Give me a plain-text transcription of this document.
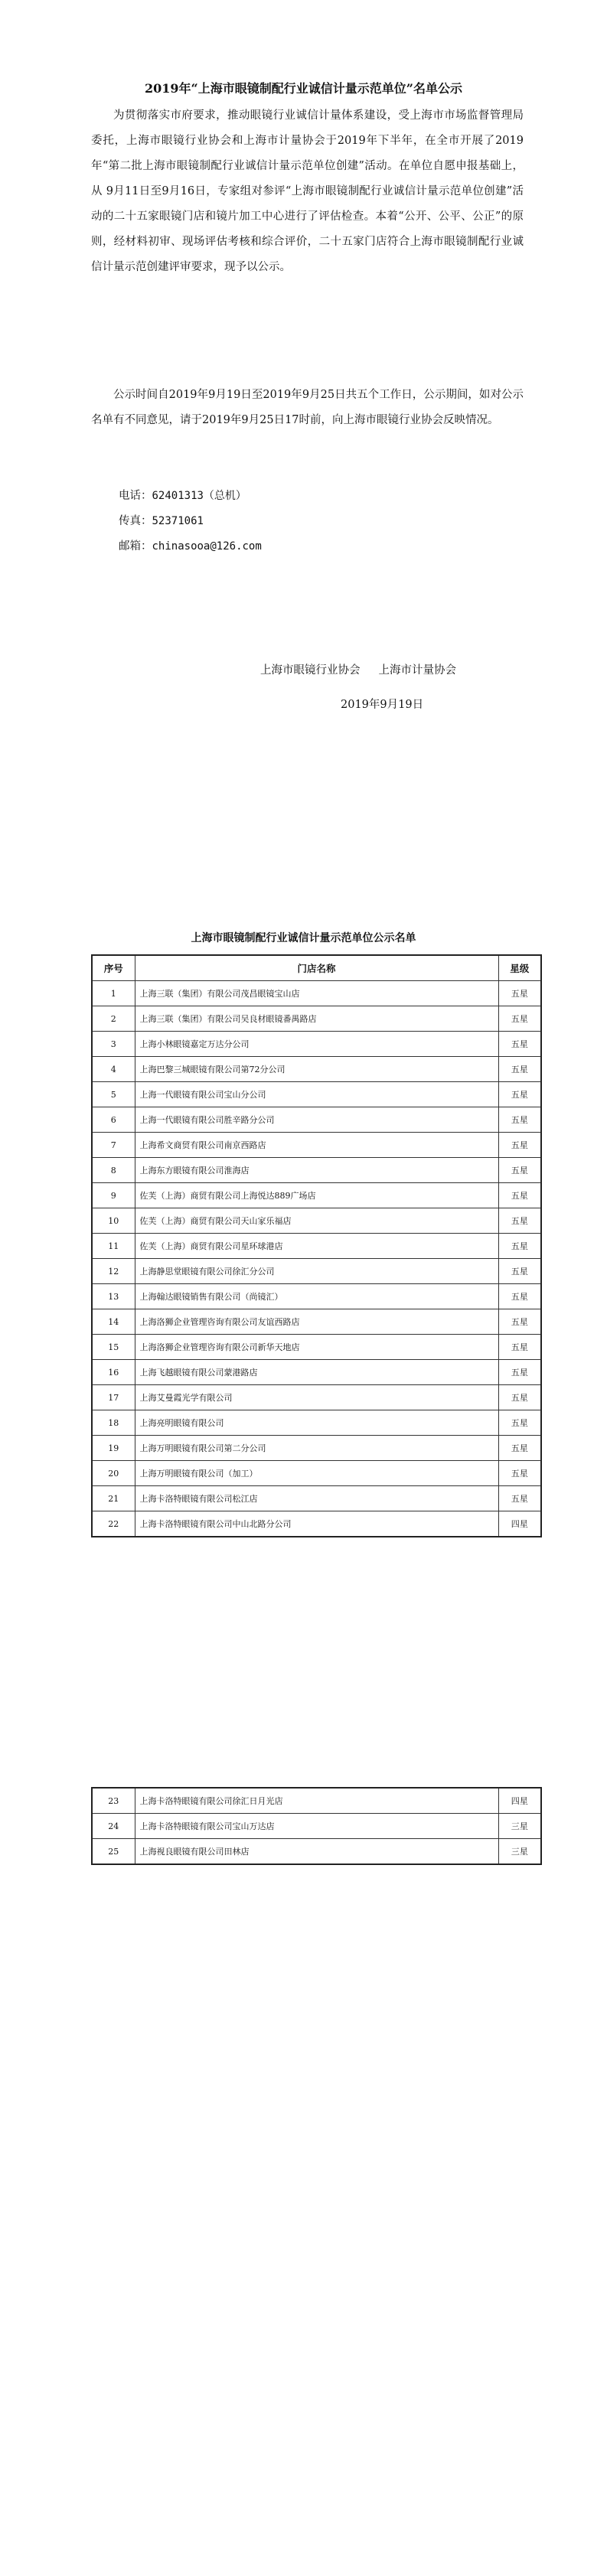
2019年“上海市眼镜制配行业诚信计量示范单位”名单公示

为贯彻落实市府要求，推动眼镜行业诚信计量体系建设，受上海市市场监督管理局委托，上海市眼镜行业协会和上海市计量协会于2019年下半年，在全市开展了2019年“第二批上海市眼镜制配行业诚信计量示范单位创建”活动。在单位自愿申报基础上，从 9月11日至9月16日，专家组对参评“上海市眼镜制配行业诚信计量示范单位创建”活动的二十五家眼镜门店和镜片加工中心进行了评估检查。本着“公开、公平、公正”的原则，经材料初审、现场评估考核和综合评价，二十五家门店符合上海市眼镜制配行业诚信计量示范创建评审要求，现予以公示。

公示时间自2019年9月19日至2019年9月25日共五个工作日，公示期间，如对公示名单有不同意见，请于2019年9月25日17时前，向上海市眼镜行业协会反映情况。

电话：62401313（总机）

传真：52371061

邮箱：chinasooa@126.com

上海市眼镜行业协会 上海市计量协会

2019年9月19日

上海市眼镜制配行业诚信计量示范单位公示名单
序号	门店名称	星级
1	上海三联（集团）有限公司茂昌眼镜宝山店	五星
2	上海三联（集团）有限公司吴良材眼镜番禺路店	五星
3	上海小林眼镜嘉定万达分公司	五星
4	上海巴黎三城眼镜有限公司第72分公司	五星
5	上海一代眼镜有限公司宝山分公司	五星
6	上海一代眼镜有限公司胜辛路分公司	五星
7	上海希文商贸有限公司南京西路店	五星
8	上海东方眼镜有限公司淮海店	五星
9	佐芙（上海）商贸有限公司上海悦达889广场店	五星
10	佐芙（上海）商贸有限公司天山家乐福店	五星
11	佐芙（上海）商贸有限公司星环球港店	五星
12	上海静思堂眼镜有限公司徐汇分公司	五星
13	上海翰达眼镜销售有限公司（尚镜汇）	五星
14	上海洛狮企业管理咨询有限公司友谊西路店	五星
15	上海洛狮企业管理咨询有限公司新华天地店	五星
16	上海飞越眼镜有限公司蒙港路店	五星
17	上海艾曼霞光学有限公司	五星
18	上海亮明眼镜有限公司	五星
19	上海万明眼镜有限公司第二分公司	五星
20	上海万明眼镜有限公司（加工）	五星
21	上海卡洛特眼镜有限公司松江店	五星
22	上海卡洛特眼镜有限公司中山北路分公司	四星
23	上海卡洛特眼镜有限公司徐汇日月光店	四星
24	上海卡洛特眼镜有限公司宝山万达店	三星
25	上海视良眼镜有限公司田林店	三星
